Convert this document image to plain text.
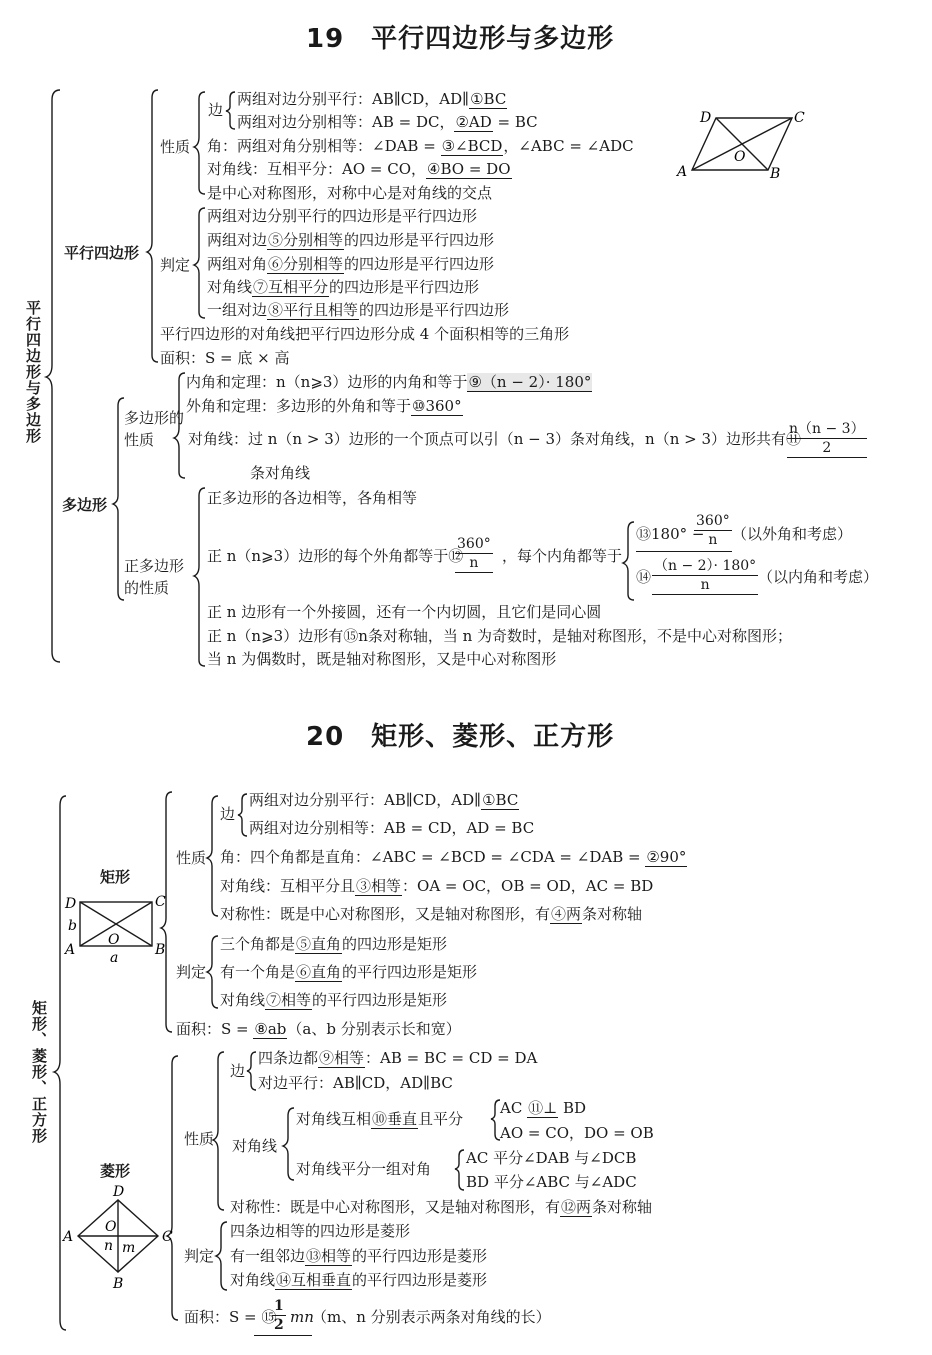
19　平行四边形与多边形
平行四边形与多边形
平行四边形
性质
边
两组对边分别平行：AB∥CD，AD∥①BC
两组对边分别相等：AB = DC，②AD = BC
角：两组对角分别相等：∠DAB = ③∠BCD，∠ABC = ∠ADC
对角线：互相平分：AO = CO，④BO = DO
是中心对称图形，对称中心是对角线的交点
判定
两组对边分别平行的四边形是平行四边形
两组对边⑤分别相等的四边形是平行四边形
两组对角⑥分别相等的四边形是平行四边形
对角线⑦互相平分的四边形是平行四边形
一组对边⑧平行且相等的四边形是平行四边形
平行四边形的对角线把平行四边形分成 4 个面积相等的三角形
面积：S = 底 × 高
D	C
A	B
O
多边形
多边形的性质
内角和定理：n（n⩾3）边形的内角和等于⑨（n − 2）· 180°
外角和定理：多边形的外角和等于⑩360°
对角线：过 n（n > 3）边形的一个顶点可以引（n − 3）条对角线，n（n > 3）边形共有⑪
$\frac{n(n - 3)}{2}$
条对角线
正多边形的性质
正多边形的各边相等，各角相等
正 n（n⩾3）边形的每个外角都等于⑫
$\frac{360^\circ}{n}$ ，每个内角都等于
⑬180° −
$\frac{360^\circ}{n}$ （以外角和考虑）
⑭ $\frac{(n - 2)\cdot 180^\circ}{n}$ （以内角和考虑）
正 n 边形有一个外接圆，还有一个内切圆，且它们是同心圆
正 n（n⩾3）边形有⑮n条对称轴，当 n 为奇数时，是轴对称图形，不是中心对称图形；
当 n 为偶数时，既是轴对称图形，又是中心对称图形
20　矩形、菱形、正方形
矩形、菱形、正方形
矩形
D	C
A	B
O
b
a
性质
边
两组对边分别平行：AB∥CD，AD∥①BC
两组对边分别相等：AB = CD，AD = BC
角：四个角都是直角：∠ABC = ∠BCD = ∠CDA = ∠DAB = ②90°
对角线：互相平分且③相等：OA = OC，OB = OD，AC = BD
对称性：既是中心对称图形，又是轴对称图形，有④两条对称轴
判定
三个角都是⑤直角的四边形是矩形
有一个角是⑥直角的平行四边形是矩形
对角线⑦相等的平行四边形是矩形
面积：S = ⑧ab（a、b 分别表示长和宽）
菱形
D
C
A
B
O
n m
性质
边
四条边都⑨相等：AB = BC = CD = DA
对边平行：AB∥CD，AD∥BC
对角线
对角线互相⑩垂直且平分
AC ⑪⊥ BD
AO = CO，DO = OB
对角线平分一组对角
AC 平分∠DAB 与∠DCB
BD 平分∠ABC 与∠ADC
对称性：既是中心对称图形，又是轴对称图形，有⑫两条对称轴
判定
四条边相等的四边形是菱形
有一组邻边⑬相等的平行四边形是菱形
对角线⑭互相垂直的平行四边形是菱形
面积：S = ⑮
$\frac{1}{2}$ mn
（m、n 分别表示两条对角线的长）
